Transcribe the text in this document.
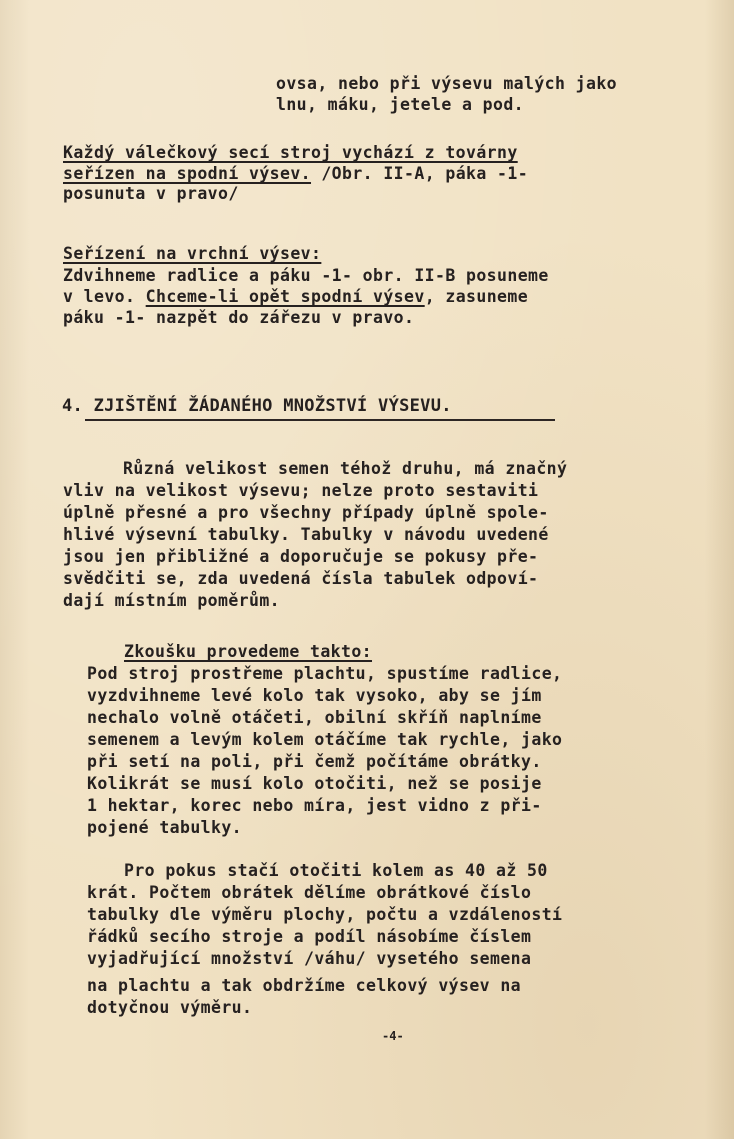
ovsa, nebo při výsevu malých jako
lnu, máku, jetele a pod.
Každý válečkový secí stroj vychází z továrny
seřízen na spodní výsev. /Obr. II-A, páka -1-
posunuta v pravo/
Seřízení na vrchní výsev:
Zdvihneme radlice a páku -1- obr. II-B posuneme
v levo. Chceme-li opět spodní výsev, zasuneme
páku -1- nazpět do zářezu v pravo.
4. ZJIŠTĚNÍ ŽÁDANÉHO MNOŽSTVÍ VÝSEVU.
Různá velikost semen téhož druhu, má značný
vliv na velikost výsevu; nelze proto sestaviti
úplně přesné a pro všechny případy úplně spole-
hlivé výsevní tabulky. Tabulky v návodu uvedené
jsou jen přibližné a doporučuje se pokusy pře-
svědčiti se, zda uvedená čísla tabulek odpoví-
dají místním poměrům.
Zkoušku provedeme takto:
Pod stroj prostřeme plachtu, spustíme radlice,
vyzdvihneme levé kolo tak vysoko, aby se jím
nechalo volně otáčeti, obilní skříň naplníme
semenem a levým kolem otáčíme tak rychle, jako
při setí na poli, při čemž počítáme obrátky.
Kolikrát se musí kolo otočiti, než se posije
1 hektar, korec nebo míra, jest vidno z při-
pojené tabulky.
Pro pokus stačí otočiti kolem as 40 až 50
krát. Počtem obrátek dělíme obrátkové číslo
tabulky dle výměru plochy, počtu a vzdáleností
řádků secího stroje a podíl násobíme číslem
vyjadřující množství /váhu/ vysetého semena
na plachtu a tak obdržíme celkový výsev na
dotyčnou výměru.
-4-
